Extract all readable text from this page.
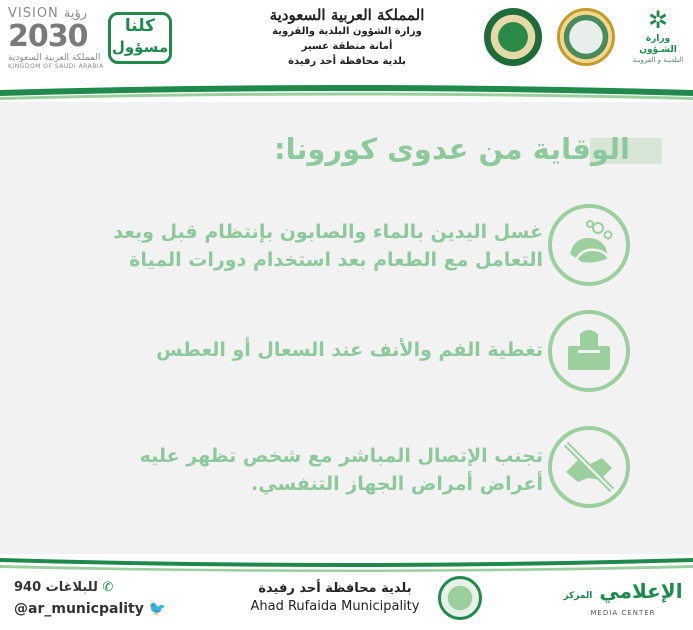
VISION رؤية
2030
المملكة العربية السعودية
KINGDOM OF SAUDI ARABIA
كلنا
مسؤول
المملكة العربية السعودية
وزارة الشؤون البلدية والقروية
أمانة منطقة عسير
بلدية محافظة أحد رفيدة
✲
وزارة الشـؤون
البلديـة و القرويـة
الوقاية من عدوى كورونا:
غسل اليدين بالماء والصابون بإنتظام قبل وبعد
التعامل مع الطعام بعد استخدام دورات المياة
تغطية الفم والأنف عند السعال أو العطس
تجنب الإتصال المباشر مع شخص تظهر عليه
أعراض أمراض الجهاز التنفسي.
للبلاغات 940 ✆
@ar_municpality 🐦
بلدية محافظة أحد رفيدة
Ahad Rufaida Municipality
الإعلامي المركز
MEDIA CENTER
